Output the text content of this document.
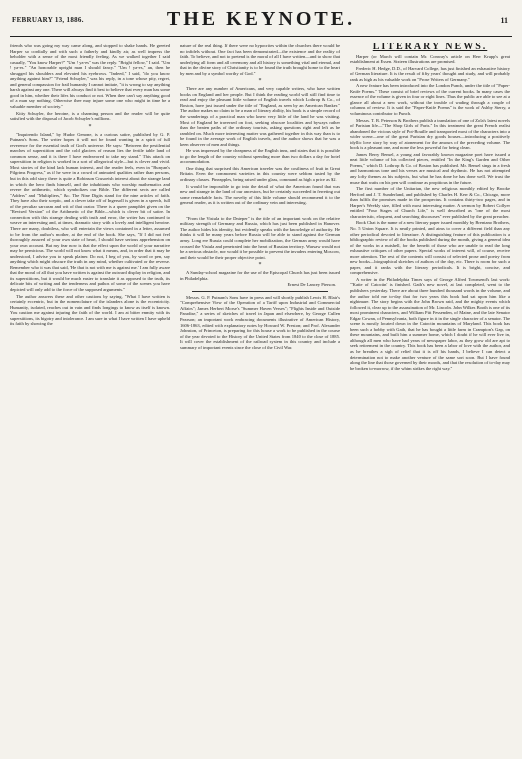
FEBRUARY 13, 1886.	THE KEYNOTE.	11

friends who was going my way came along, and stopped to shake hands. He greeted Harper so cordially and with such a fatherly and kindly air, as well impress the beholder with a sense of the most friendly feeling. As we walked together I said casually, "You know Harper?" "Um ! ya-es" was the reply. "Bright fellow," I said. "Um ! ya-es." "An honorable upright man I should fancy." "Um ! ya-es," an, then he shrugged his shoulders and elevated his eyebrows. "Indeed," I said, "do you know anything against him?" "Friend Schuyler," was his reply, in a tone whose pity, regret, and general compassion for frail humanity I cannot imitate, "it is wrong to say anything harsh against any one. There will always find it best to believe that every man has some good in him, whether their lifes his conduct or not. When thee can't say anything good of a man say nothing. Otherwise thee may injure some one who might in time be a valuable member of society."

Kitty Schuyler, the heroine, is a charming person and the reader will be quite satisfied with the disposal of Jacob Schuyler's millions.

*

"Inquirendo Island," by Hudor Genone, is a curious satire, published by G. P. Putnam's Sons. The writer hopes it will not be found wanting in a spirit of full reverence for the essential truth of God's universe. He says: "Between the pestilential marches of superstition and the cold glaciers of reason lies the fertile table land of common sense, and it is there I have endeavored to take my stand." This attack on superstition in religion is worked in a sort of allegorical style—but is clever and vivid. Most stories of the kind lack human interest, and the reader feels, even in "Bunyan's Pilgrims Progress," as if he were in a crowd of animated qualities rather than persons, but in this odd story there is quite a Robinson Crusoeish interest about the strange land in which the hero finds himself, and the inhabitants who worship mathematics and revere the arithmetic, which symbolizes our Bible. The different sects are called "Adders" and "Multipliers," &c. The Nine Digits stand for the nine articles of faith. They have also their sceptic, and a clever take off of Ingersoll is given in a speech, full of the peculiar sarcasm and wit of that orator. There is a queer pamphlet given on the "Revised Version" of the Arithmetic of the Bible—which is clever bit of satire. In connection with this strange dealing with truth and error, the writer has continued to weave an interesting and, at times, dramatic story with a lovely and intelligent heroine. There are many, doubtless, who will entertain the views contained in a letter, assumed to be from the author's mother, at the end of the book. She says, "If I did not feel thoroughly assured of your own state of heart, I should have serious apprehension on your own account. But my fear now is that the effect upon the world of your narrative may be pernicious. The world will not know what it means, and, in order that it may be understood, I advise you to speak plainer. Do not, I beg of you, by word or pen, say anything which might obscure the truth in any mind, whether cultivated or the reverse. Remember who it was that said, 'He that is not with me is against me.' I am fully aware that the moral of all that you have written is against the outward display in religion, and its superstitions, but it would be much easier to translate it as opposed to the truth, its delicate bits of writing and the tenderness and pathos of some of the scenes you have depicted will only add to the force of the supposed arguments."

The author answers these and other cautions by saying, "What I have written is certainly eccentric, but in the nomenclature of the islanders alone is the eccentricity. Humanity, isolated, reaches out in vain and finds longings to know as itself is known. You caution me against injuring the faith of the world. I am at bitter enmity with its superstitions, its bigotry and intolerance. I am sure in what I have written I have upheld its faith by showing the

nature of the real thing. If there were no hypocrites within the churches there would be no infidels without. One fact has been demonstrated—the existence and the reality of faith. To believe, and not to pretend is the moral of all I have written—and to show that underlying all form and all ceremony and all history is something vital and eternal, and that in the divine story of Christianity is to be found the truth brought home to the heart by men and by a symbol worthy of God."

*

There are any number of Americans, and very capable writers, who have written books on England and her people. But I think the reading world will still find time to read and enjoy the pleasant little volume of English travels which Lothrop & Co., of Boston, have just issued under the title of "England, as seen by an American Banker." The author makes no claim to be a man of literary ability, his book is a simple record of the wanderings of a practical man who knew very little of the land he was visiting. Most of England he traversed on foot, seeking obscure localities and byways rather than the beaten paths of the ordinary tourists, asking questions right and left as he rambled on. Much more interesting matter was gathered together in this way than is to be found in the average work of English travels, and the author shows that he was a keen observer of men and things.

He was impressed by the cheapness of the English inns, and states that it is possible to go the length of the country without spending more than two dollars a day for hotel accommodation.

One thing that surprised this American traveler was the costliness of fruit in Great Britain. Even the commonest varieties in this country were seldom tasted by the ordinary classes. Pineapples, being raised under glass, command as high a price as $2.

It would be impossible to go into the detail of what the American found that was new and strange in the land of our ancestors, but he certainly succeeded in ferreting out some remarkable facts. The novelty of this little volume should recommend it to the general reader, as it is written out of the ordinary vein and interesting.

*

"From the Vistula to the Dnieper" is the title of an important work on the relative military strength of Germany and Russia, which has just been published in Hanover. The author hides his identity, but evidently speaks with the knowledge of authority. He thinks it will be many years before Russia will be able to stand against the German army. Long ere Russia could complete her mobilization, the German army would have crossed the Vistula and penetrated into the heart of Russian territory. Warsaw would not be a serious obstacle, nor would it be possible to prevent the invaders entering Moscow, and their would be their proper objective point.

*

A Sunday-school magazine for the use of the Episcopal Church has just been issued in Philadelphia.

Ernest De Lancey Pierson.

Messrs. G. P. Putnam's Sons have in press and will shortly publish Lewis H. Blair's "Comprehensive View of the Operation of a Tariff upon Industrial and Commercial Affairs"; James Herbert Morse's "Summer Haven Verses"; "Flights Inside and Outside Paradise," a series of sketches of travel in Japan and elsewhere, by George Cullen Pearson; an important work embracing documents illustrative of American History, 1606-1863, edited with explanatory notes by Howard W. Preston; and Prof. Alexander Johnston, of Princeton, is preparing for this house a work to be published in the course of the year devoted to the History of the United States from 1840 to the close of 1885. It will cover the establishment of the railroad system in this country and include a summary of important events since the close of the Civil War.

LITERARY NEWS.

Harper (or March will contain Mr. Conway's article on Herr Krupp's great establishment at Essen. Sixteen illustrations are promised.

Frederic H. Hedge, D.D., of Harvard College, has just finished an exhaustive history of German literature. It is the result of fifty years' thought and study, and will probably rank as high as his valuable work on "Prose Writers of Germany."

A new feature has been introduced into the London Punch, under the title of "Paper-Knife Poems." These consist of brief reviews of the current books. In many cases the essence of the volume is given in four or eight lines. Thus the public are able to see at a glance all about a new work, without the trouble of wading through a couple of columns of review. It is said the "Paper-Knife Poems" is the work of Ashby Sterry, a voluminous contributor to Punch.

Messrs. T. B. Peterson & Brothers publish a translation of one of Zola's latest novels of Parisian life—"The Shop Girls of Paris." In this treatment the great French realist abandoned the vicious style of Pot-Bouille and transported most of the characters into a wider scene—one of the great Parisian dry goods houses—introducing a positively idyllic love story by way of atonement for the amours of the preceding volume. The book is a pleasant one, and none the less powerful for being clean.

James Berry Bensel, a young and favorably known magazine poet have issued a neat little volume of his collected pieces, entitled "In the King's Garden and Other Poems," which D. Lothrop & Co. of Boston has published. Mr. Bensel sings in a fresh and harmonious tone and his verses are musical and rhythmic. He has not attempted any lofty themes as his subjects, but what he has done he has done well. We trust the muse that waits on his pen will continue as propitious in the future.

The first number of the Unitarian, the new religious monthly edited by Brooke Herford and J. T. Sunderland, and published by Charles H. Kerr & Co., Chicago, more than fulfils the promises made in the prospectus. It contains thirty-two pages, and in Harper's Weekly size, filled with most interesting matter. A sermon by Robert Collyer entitled "Four Stages of Church Life," is well described as "one of the most characteristic, eloquent, and searching discourses" ever published by the great preacher.

Book Chat is the name of a new literary paper issued monthly by Brentano Brothers, No. 5 Union Square. It is neatly printed, and aims to cover a different field than any other periodical devoted to literature. A distinguishing feature of this publication is a bibliographic review of all the books published during the month, giving a general idea of the works in a nutshell, for the benefit of those who are unable to read the long exhaustive critiques of other papers. Special works of interest will, of course, receive more attention. The rest of the contents will consist of selected prose and poetry from new books—biographical sketches of authors of the day, etc. There is room for such a paper, and it ranks with the literary periodicals. It is bright, concise, and comprehensive.

A writer in the Philadelphia Times says of George Alfred Townsend's last work: "'Katie of Catoctin' is finished. Gath's new novel, at last completed, went to the publishers yesterday. There are about three hundred thousand words in the volume, and the author told me to-day that for two years this book had sat upon him like a nightmare. The story begins with the John Brown raid, and the mighty events which followed it, clear up to the assassination of Mr. Lincoln. John Wilkes Booth is one of its most prominent characters, and William Pitt Fessenden, of Maine, and the late Senator Edgar Cowan, of Pennsylvania, both figure in it in the single character of a senator. The scene is mostly located down in the Catoctin mountains of Maryland. This book has been such a hobby with Gath, that he has bought a little farm in Crampton's Gap, on these mountains, and built him a summer home, which I doubt if he will ever live in, although all men who have had years of newspaper labor, as they grow old are apt to seek retirement in the country. This book has been a labor of love with the author, and as he breathes a sigh of relief that it is off his hands, I believe I can detect a determination not to make another venture of the same sort soon. But I have found along the line that those governed by their moods, and that the resolution of to-day may be broken to-morrow, if the whim strikes the right way."
